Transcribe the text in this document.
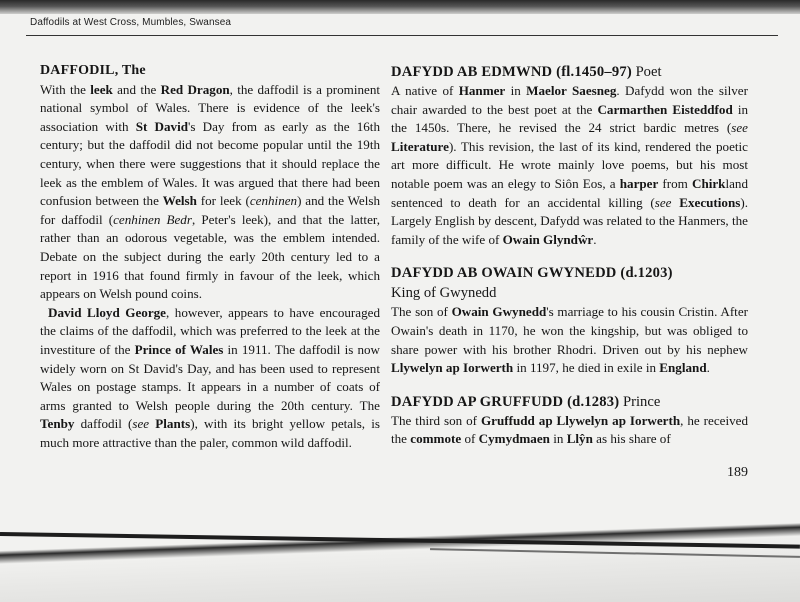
Daffodils at West Cross, Mumbles, Swansea

DAFFODIL, The

With the leek and the Red Dragon, the daffodil is a prominent national symbol of Wales. There is evidence of the leek's association with St David's Day from as early as the 16th century; but the daffodil did not become popular until the 19th century, when there were suggestions that it should replace the leek as the emblem of Wales. It was argued that there had been confusion between the Welsh for leek (cenhinen) and the Welsh for daffodil (cenhinen Bedr, Peter's leek), and that the latter, rather than an odorous vegetable, was the emblem intended. Debate on the subject during the early 20th century led to a report in 1916 that found firmly in favour of the leek, which appears on Welsh pound coins.

David Lloyd George, however, appears to have encouraged the claims of the daffodil, which was preferred to the leek at the investiture of the Prince of Wales in 1911. The daffodil is now widely worn on St David's Day, and has been used to represent Wales on postage stamps. It appears in a number of coats of arms granted to Welsh people during the 20th century. The Tenby daffodil (see Plants), with its bright yellow petals, is much more attractive than the paler, common wild daffodil.

DAFYDD AB EDMWND (fl.1450–97) Poet

A native of Hanmer in Maelor Saesneg. Dafydd won the silver chair awarded to the best poet at the Carmarthen Eisteddfod in the 1450s. There, he revised the 24 strict bardic metres (see Literature). This revision, the last of its kind, rendered the poetic art more difficult. He wrote mainly love poems, but his most notable poem was an elegy to Siôn Eos, a harper from Chirkland sentenced to death for an accidental killing (see Executions). Largely English by descent, Dafydd was related to the Hanmers, the family of the wife of Owain Glyndŵr.

DAFYDD AB OWAIN GWYNEDD (d.1203)
King of Gwynedd

The son of Owain Gwynedd's marriage to his cousin Cristin. After Owain's death in 1170, he won the kingship, but was obliged to share power with his brother Rhodri. Driven out by his nephew Llywelyn ap Iorwerth in 1197, he died in exile in England.

DAFYDD AP GRUFFUDD (d.1283) Prince

The third son of Gruffudd ap Llywelyn ap Iorwerth, he received the commote of Cymydmaen in Llŷn as his share of

189
